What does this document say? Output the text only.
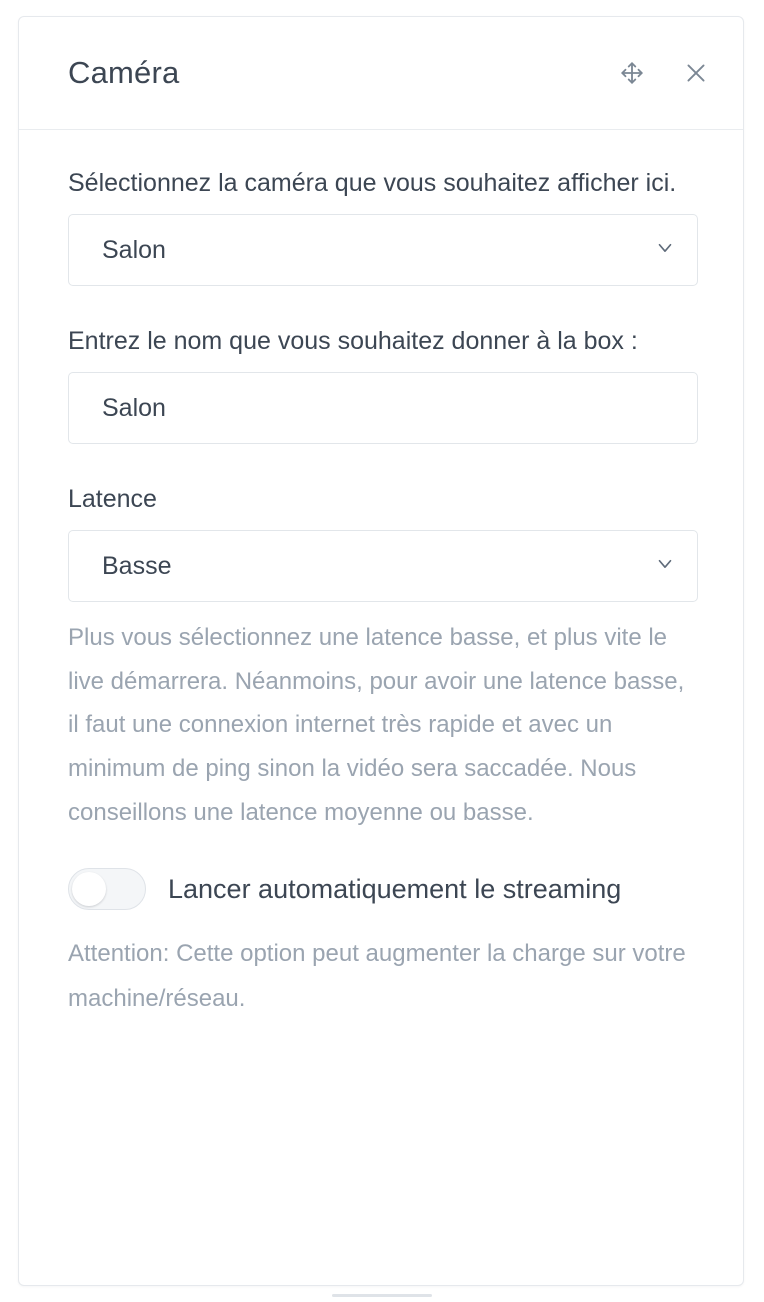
Caméra

Sélectionnez la caméra que vous souhaitez afficher ici.

Salon

Entrez le nom que vous souhaitez donner à la box :

Salon

Latence

Basse

Plus vous sélectionnez une latence basse, et plus vite le live démarrera. Néanmoins, pour avoir une latence basse, il faut une connexion internet très rapide et avec un minimum de ping sinon la vidéo sera saccadée. Nous conseillons une latence moyenne ou basse.

Lancer automatiquement le streaming

Attention: Cette option peut augmenter la charge sur votre machine/réseau.
